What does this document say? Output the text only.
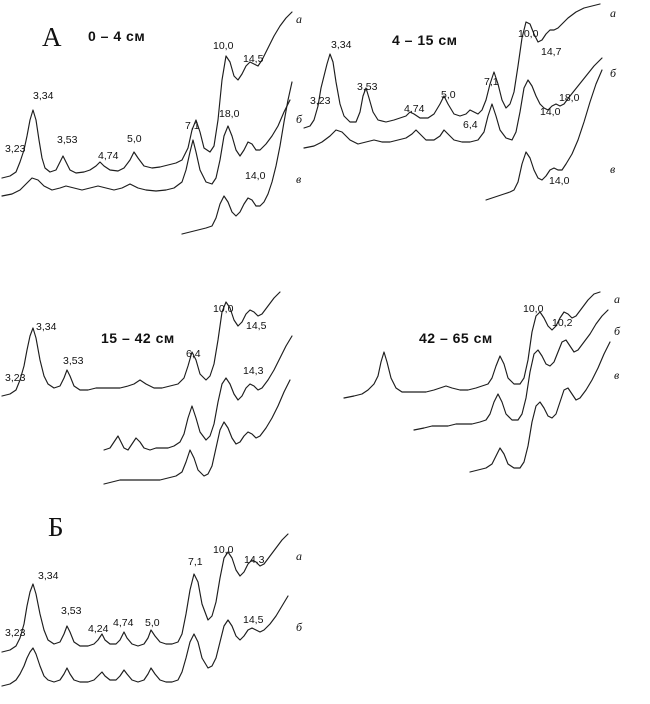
А
Б
0 – 4 см
а
б
в
3,23
3,34
3,53
4,74
5,0
7,1
10,0
14,5
18,0
14,0
4 – 15 см
а
б
в
3,23
3,34
3,53
4,74
5,0
6,4
7,1
10,0
14,7
18,0
14,0
14,0
15 – 42 см
3,23
3,34
3,53
6,4
10,0
14,5
14,3
42 – 65 см
а
б
в
10,0
10,2
а
б
3,23
3,34
3,53
4,24 4,74 5,0
7,1
10,0
14,3
14,5
